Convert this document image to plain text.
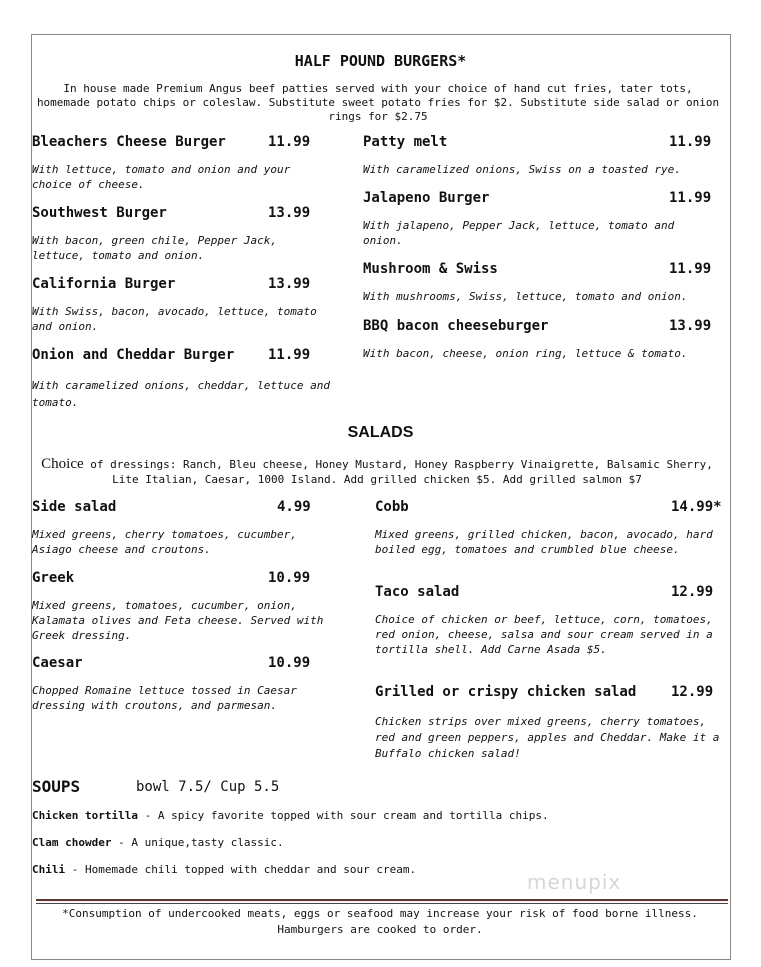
HALF POUND BURGERS*
In house made Premium Angus beef patties served with your choice of hand cut fries, tater tots, homemade potato chips or coleslaw. Substitute sweet potato fries for $2. Substitute side salad or onion rings for $2.75
Bleachers Cheese Burger	11.99
With lettuce, tomato and onion and your choice of cheese.
Southwest Burger	13.99
With bacon, green chile, Pepper Jack, lettuce, tomato and onion.
California Burger	13.99
With Swiss, bacon, avocado, lettuce, tomato and onion.
Onion and Cheddar Burger 11.99
With caramelized onions, cheddar, lettuce and tomato.
Patty melt	11.99
With caramelized onions, Swiss on a toasted rye.
Jalapeno Burger	11.99
With jalapeno, Pepper Jack, lettuce, tomato and onion.
Mushroom & Swiss	11.99
With mushrooms, Swiss, lettuce, tomato and onion.
BBQ bacon cheeseburger	13.99
With bacon, cheese, onion ring, lettuce & tomato.
SALADS
Choice of dressings: Ranch, Bleu cheese, Honey Mustard, Honey Raspberry Vinaigrette, Balsamic Sherry, Lite Italian, Caesar, 1000 Island. Add grilled chicken $5. Add grilled salmon $7
Side salad	4.99
Mixed greens, cherry tomatoes, cucumber, Asiago cheese and croutons.
Greek	10.99
Mixed greens, tomatoes, cucumber, onion, Kalamata olives and Feta cheese. Served with Greek dressing.
Caesar	10.99
Chopped Romaine lettuce tossed in Caesar dressing with croutons, and parmesan.
Cobb	14.99*
Mixed greens, grilled chicken, bacon, avocado, hard boiled egg, tomatoes and crumbled blue cheese.
Taco salad	12.99
Choice of chicken or beef, lettuce, corn, tomatoes, red onion, cheese, salsa and sour cream served in a tortilla shell. Add Carne Asada $5.
Grilled or crispy chicken salad 12.99
Chicken strips over mixed greens, cherry tomatoes, red and green peppers, apples and Cheddar. Make it a Buffalo chicken salad!
SOUPS	bowl 7.5/ Cup 5.5
Chicken tortilla - A spicy favorite topped with sour cream and tortilla chips.
Clam chowder - A unique,tasty classic.
Chili - Homemade chili topped with cheddar and sour cream.
menupix
*Consumption of undercooked meats, eggs or seafood may increase your risk of food borne illness. Hamburgers are cooked to order.
